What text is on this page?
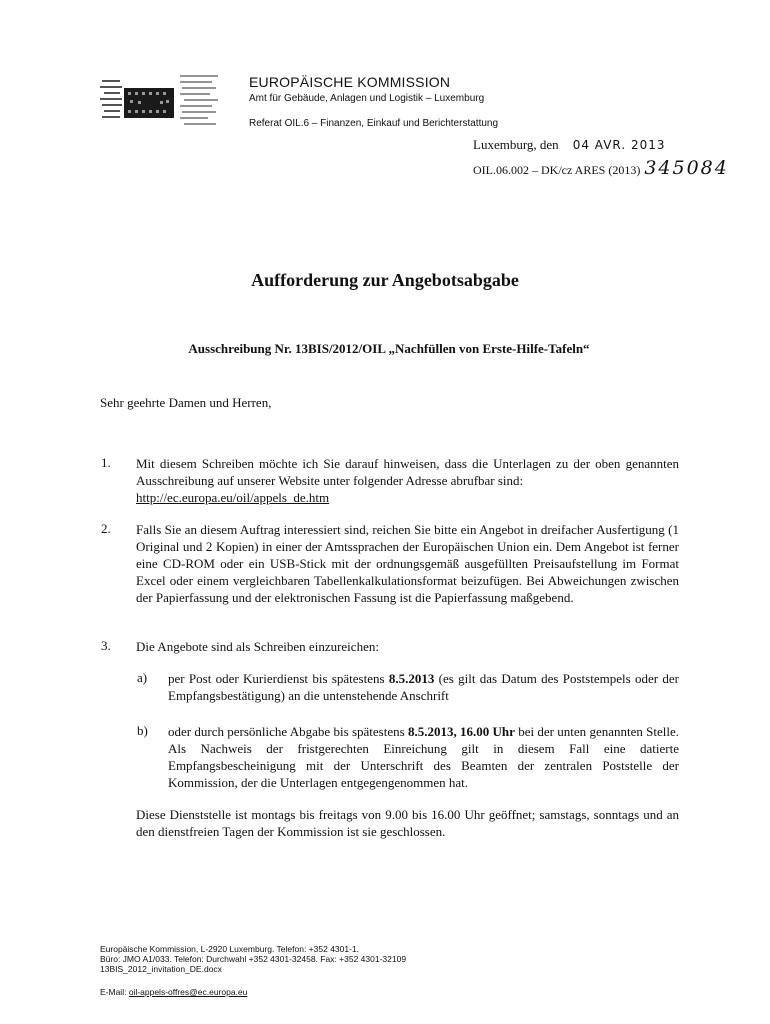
EUROPÄISCHE KOMMISSION
Amt für Gebäude, Anlagen und Logistik – Luxemburg
Referat OIL.6 – Finanzen, Einkauf und Berichterstattung
Luxemburg, den 04 AVR. 2013
OIL.06.002 – DK/cz ARES (2013) 345084
Aufforderung zur Angebotsabgabe
Ausschreibung Nr. 13BIS/2012/OIL „Nachfüllen von Erste-Hilfe-Tafeln“
Sehr geehrte Damen und Herren,
1. Mit diesem Schreiben möchte ich Sie darauf hinweisen, dass die Unterlagen zu der oben genannten Ausschreibung auf unserer Website unter folgender Adresse abrufbar sind:
http://ec.europa.eu/oil/appels_de.htm
2. Falls Sie an diesem Auftrag interessiert sind, reichen Sie bitte ein Angebot in dreifacher Ausfertigung (1 Original und 2 Kopien) in einer der Amtssprachen der Europäischen Union ein. Dem Angebot ist ferner eine CD-ROM oder ein USB-Stick mit der ordnungsgemäß ausgefüllten Preisaufstellung im Format Excel oder einem vergleichbaren Tabellenkalkulationsformat beizufügen. Bei Abweichungen zwischen der Papierfassung und der elektronischen Fassung ist die Papierfassung maßgebend.
3. Die Angebote sind als Schreiben einzureichen:
a) per Post oder Kurierdienst bis spätestens 8.5.2013 (es gilt das Datum des Poststempels oder der Empfangsbestätigung) an die untenstehende Anschrift
b) oder durch persönliche Abgabe bis spätestens 8.5.2013, 16.00 Uhr bei der unten genannten Stelle. Als Nachweis der fristgerechten Einreichung gilt in diesem Fall eine datierte Empfangsbescheinigung mit der Unterschrift des Beamten der zentralen Poststelle der Kommission, der die Unterlagen entgegengenommen hat.
Diese Dienststelle ist montags bis freitags von 9.00 bis 16.00 Uhr geöffnet; samstags, sonntags und an den dienstfreien Tagen der Kommission ist sie geschlossen.
Europäische Kommission, L-2920 Luxemburg. Telefon: +352 4301-1.
Büro: JMO A1/033. Telefon: Durchwahl +352 4301-32458. Fax: +352 4301-32109
13BIS_2012_invitation_DE.docx
E-Mail: oil-appels-offres@ec.europa.eu
